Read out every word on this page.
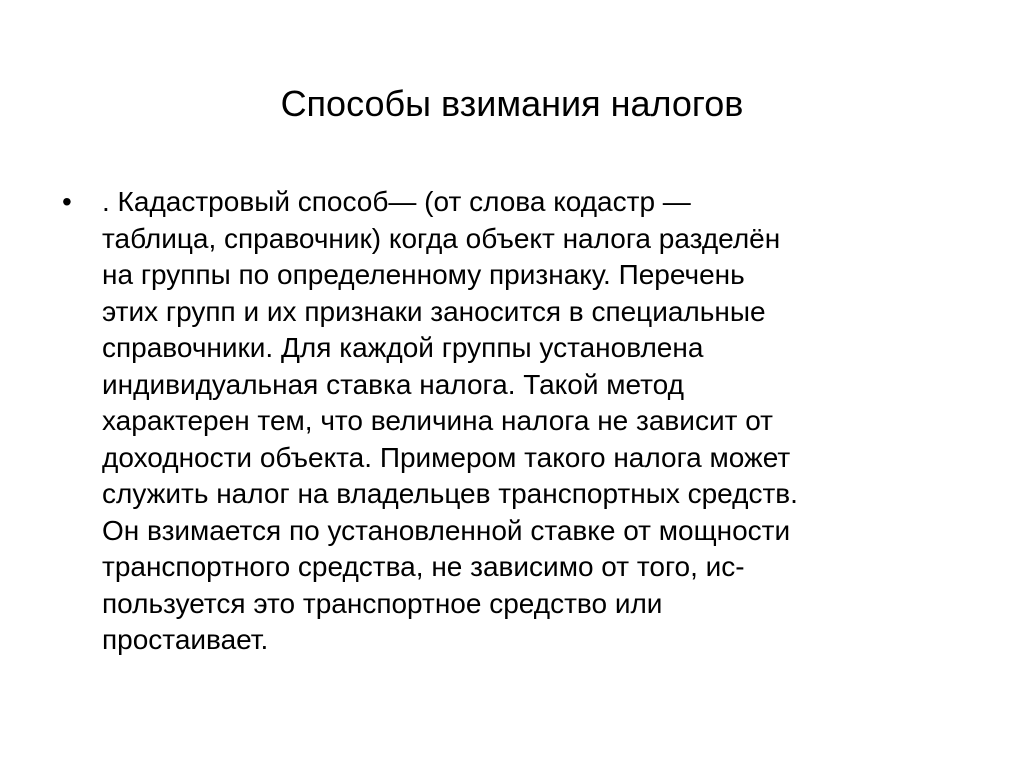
Способы взимания налогов
•	. Кадастровый способ— (от слова кодастр —
таблица, справочник) когда объект налога разделён
на группы по определенному признаку. Перечень
этих групп и их признаки заносится в специальные
справочники. Для каждой группы установлена
индивидуальная ставка налога. Такой метод
характерен тем, что величина налога не зависит от
доходности объекта. Примером такого налога может
служить налог на владельцев транспортных средств.
Он взимается по установленной ставке от мощности
транспортного средства, не зависимо от того, ис-
пользуется это транспортное средство или
простаивает.
